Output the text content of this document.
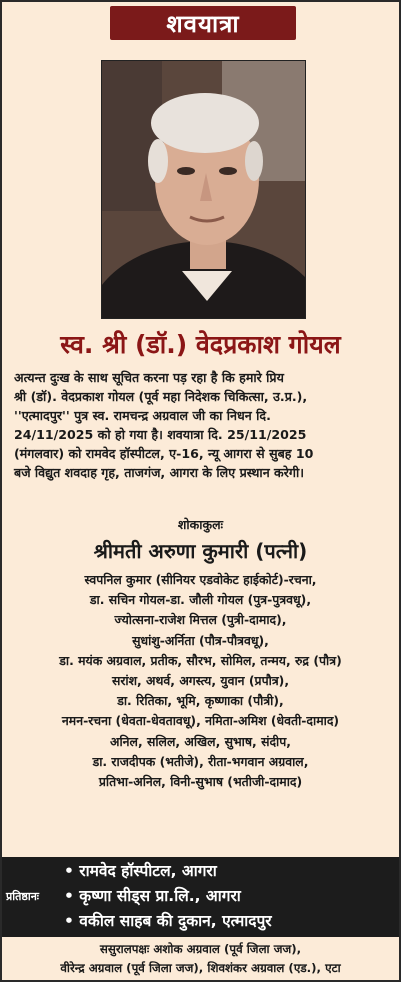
शवयात्रा
स्व. श्री (डॉ.) वेदप्रकाश गोयल
अत्यन्त दुःख के साथ सूचित करना पड़ रहा है कि हमारे प्रिय
श्री (डॉ). वेदप्रकाश गोयल (पूर्व महा निदेशक चिकित्सा, उ.प्र.),
''एत्मादपुर'' पुत्र स्व. रामचन्द्र अग्रवाल जी का निधन दि.
24/11/2025 को हो गया है। शवयात्रा दि. 25/11/2025
(मंगलवार) को रामवेद हॉस्पीटल, ए-16, न्यू आगरा से सुबह 10
बजे विद्युत शवदाह गृह, ताजगंज, आगरा के लिए प्रस्थान करेगी।
शोकाकुलः
श्रीमती अरुणा कुमारी (पत्नी)
स्वपनिल कुमार (सीनियर एडवोकेट हाईकोर्ट)-रचना,
डा. सचिन गोयल-डा. जौली गोयल (पुत्र-पुत्रवधू),
ज्योत्सना-राजेश मित्तल (पुत्री-दामाद),
सुधांशु-अर्निता (पौत्र-पौत्रवधू),
डा. मयंक अग्रवाल, प्रतीक, सौरभ, सोमिल, तन्मय, रुद्र (पौत्र)
सरांश, अथर्व, अगस्त्य, युवान (प्रपौत्र),
डा. रितिका, भूमि, कृष्णाका (पौत्री),
नमन-रचना (धेवता-धेवतावधू), नमिता-अमिश (धेवती-दामाद)
अनिल, सलिल, अखिल, सुभाष, संदीप,
डा. राजदीपक (भतीजे), रीता-भगवान अग्रवाल,
प्रतिभा-अनिल, विनी-सुभाष (भतीजी-दामाद)
प्रतिष्ठानः
• रामवेद हॉस्पीटल, आगरा
• कृष्णा सीड्स प्रा.लि., आगरा
• वकील साहब की दुकान, एत्मादपुर
ससुरालपक्षः अशोक अग्रवाल (पूर्व जिला जज),
वीरेन्द्र अग्रवाल (पूर्व जिला जज), शिवशंकर अग्रवाल (एड.), एटा
